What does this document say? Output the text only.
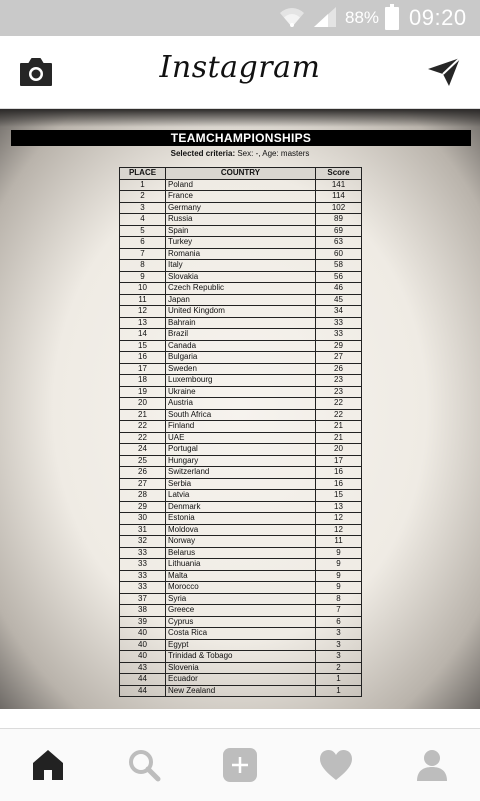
88% 09:20
Instagram
TEAMCHAMPIONSHIPS
Selected criteria: Sex: -, Age: masters
PLACE	COUNTRY	Score
1	Poland	141
2	France	114
3	Germany	102
4	Russia	89
5	Spain	69
6	Turkey	63
7	Romania	60
8	Italy	58
9	Slovakia	56
10	Czech Republic	46
11	Japan	45
12	United Kingdom	34
13	Bahrain	33
14	Brazil	33
15	Canada	29
16	Bulgaria	27
17	Sweden	26
18	Luxembourg	23
19	Ukraine	23
20	Austria	22
21	South Africa	22
22	Finland	21
22	UAE	21
24	Portugal	20
25	Hungary	17
26	Switzerland	16
27	Serbia	16
28	Latvia	15
29	Denmark	13
30	Estonia	12
31	Moldova	12
32	Norway	11
33	Belarus	9
33	Lithuania	9
33	Malta	9
33	Morocco	9
37	Syria	8
38	Greece	7
39	Cyprus	6
40	Costa Rica	3
40	Egypt	3
40	Trinidad & Tobago	3
43	Slovenia	2
44	Ecuador	1
44	New Zealand	1
